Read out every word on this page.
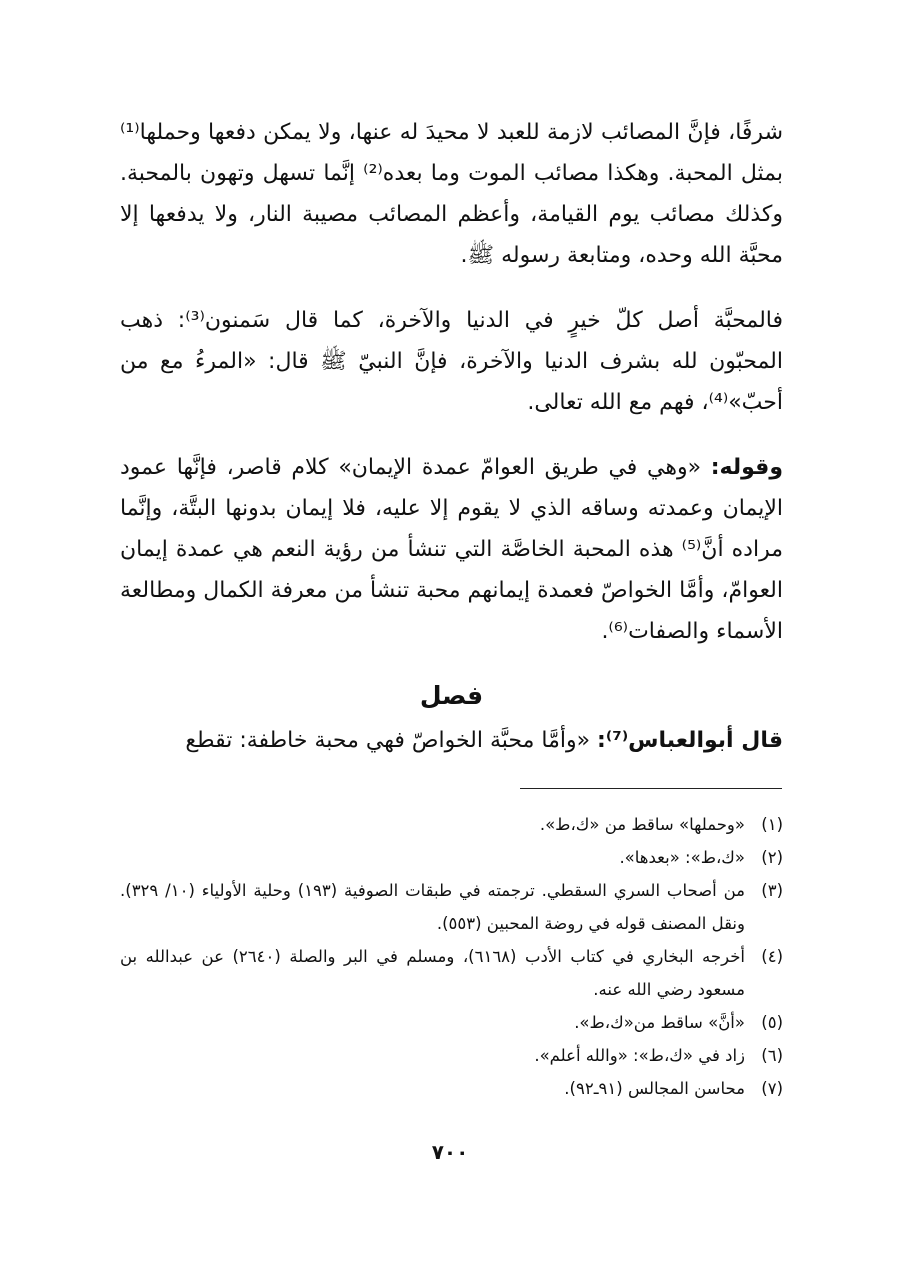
شرفًا، فإنَّ المصائب لازمة للعبد لا محيدَ له عنها، ولا يمكن دفعها وحملها⁽¹⁾ بمثل المحبة. وهكذا مصائب الموت وما بعده⁽²⁾ إنَّما تسهل وتهون بالمحبة. وكذلك مصائب يوم القيامة، وأعظم المصائب مصيبة النار، ولا يدفعها إلا محبَّة الله وحده، ومتابعة رسوله ﷺ.

فالمحبَّة أصل كلّ خيرٍ في الدنيا والآخرة، كما قال سَمنون⁽³⁾: ذهب المحبّون لله بشرف الدنيا والآخرة، فإنَّ النبيّ ﷺ قال: «المرءُ مع من أحبّ»⁽⁴⁾، فهم مع الله تعالى.

وقوله: «وهي في طريق العوامّ عمدة الإيمان» كلام قاصر، فإنَّها عمود الإيمان وعمدته وساقه الذي لا يقوم إلا عليه، فلا إيمان بدونها البتَّة، وإنَّما مراده أنَّ⁽⁵⁾ هذه المحبة الخاصَّة التي تنشأ من رؤية النعم هي عمدة إيمان العوامّ، وأمَّا الخواصّ فعمدة إيمانهم محبة تنشأ من معرفة الكمال ومطالعة الأسماء والصفات⁽⁶⁾.

فصل

قال أبوالعباس⁽⁷⁾: «وأمَّا محبَّة الخواصّ فهي محبة خاطفة: تقطع

(١)
«وحملها» ساقط من «ك،ط».
(٢)
«ك،ط»: «بعدها».
(٣)
من أصحاب السري السقطي. ترجمته في طبقات الصوفية (١٩٣) وحلية الأولياء (١٠/ ٣٢٩). ونقل المصنف قوله في روضة المحبين (٥٥٣).
(٤)
أخرجه البخاري في كتاب الأدب (٦١٦٨)، ومسلم في البر والصلة (٢٦٤٠) عن عبدالله بن مسعود رضي الله عنه.
(٥)
«أنَّ» ساقط من«ك،ط».
(٦)
زاد في «ك،ط»: «والله أعلم».
(٧)
محاسن المجالس (٩١ـ٩٢).
٧٠٠
